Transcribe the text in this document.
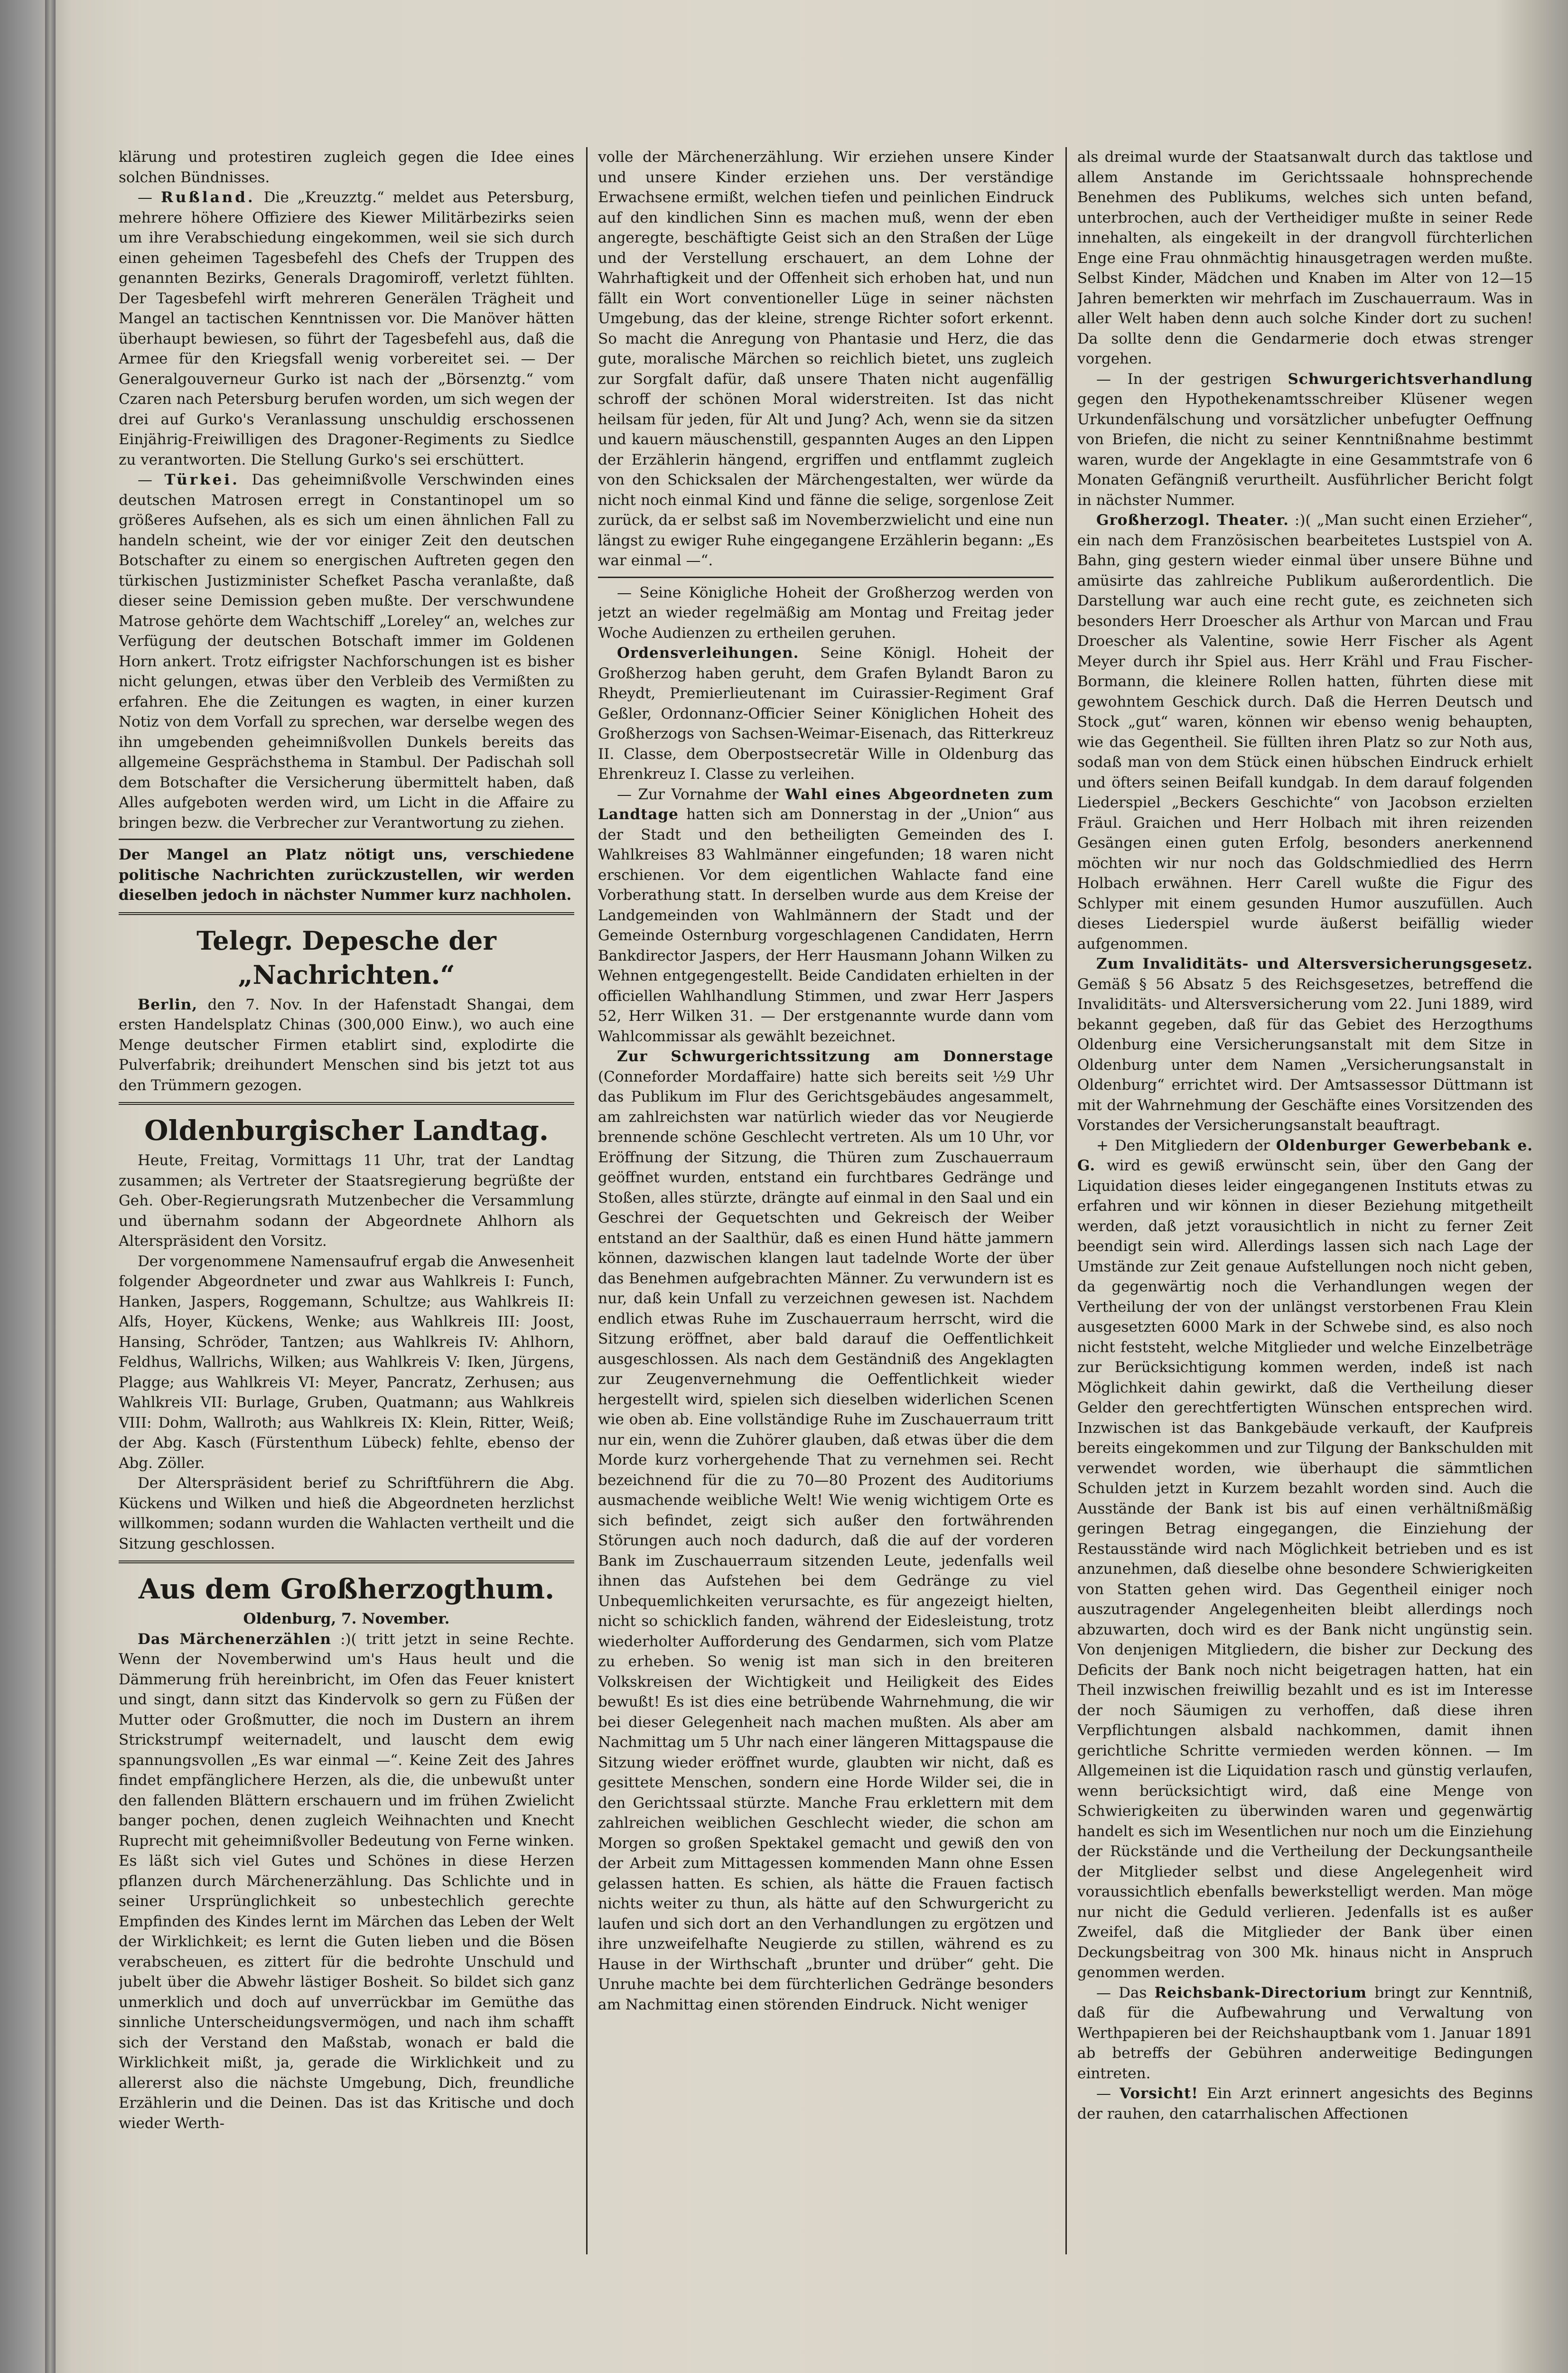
klärung und protestiren zugleich gegen die Idee eines solchen Bündnisses.

— Rußland. Die „Kreuzztg.“ meldet aus Petersburg, mehrere höhere Offiziere des Kiewer Militärbezirks seien um ihre Verabschiedung eingekommen, weil sie sich durch einen geheimen Tagesbefehl des Chefs der Truppen des genannten Bezirks, Generals Dragomiroff, verletzt fühlten. Der Tagesbefehl wirft mehreren Generälen Trägheit und Mangel an tactischen Kenntnissen vor. Die Manöver hätten überhaupt bewiesen, so führt der Tagesbefehl aus, daß die Armee für den Kriegsfall wenig vorbereitet sei. — Der Generalgouverneur Gurko ist nach der „Börsenztg.“ vom Czaren nach Petersburg berufen worden, um sich wegen der drei auf Gurko's Veranlassung unschuldig erschossenen Einjährig-Freiwilligen des Dragoner-Regiments zu Siedlce zu verantworten. Die Stellung Gurko's sei erschüttert.

— Türkei. Das geheimnißvolle Verschwinden eines deutschen Matrosen erregt in Constantinopel um so größeres Aufsehen, als es sich um einen ähnlichen Fall zu handeln scheint, wie der vor einiger Zeit den deutschen Botschafter zu einem so energischen Auftreten gegen den türkischen Justizminister Schefket Pascha veranlaßte, daß dieser seine Demission geben mußte. Der verschwundene Matrose gehörte dem Wachtschiff „Loreley“ an, welches zur Verfügung der deutschen Botschaft immer im Goldenen Horn ankert. Trotz eifrigster Nachforschungen ist es bisher nicht gelungen, etwas über den Verbleib des Vermißten zu erfahren. Ehe die Zeitungen es wagten, in einer kurzen Notiz von dem Vorfall zu sprechen, war derselbe wegen des ihn umgebenden geheimnißvollen Dunkels bereits das allgemeine Gesprächsthema in Stambul. Der Padischah soll dem Botschafter die Versicherung übermittelt haben, daß Alles aufgeboten werden wird, um Licht in die Affaire zu bringen bezw. die Verbrecher zur Verantwortung zu ziehen.

Der Mangel an Platz nötigt uns, verschiedene politische Nachrichten zurückzustellen, wir werden dieselben jedoch in nächster Nummer kurz nachholen.

Telegr. Depesche der „Nachrichten.“

Berlin, den 7. Nov. In der Hafenstadt Shangai, dem ersten Handelsplatz Chinas (300,000 Einw.), wo auch eine Menge deutscher Firmen etablirt sind, explodirte die Pulverfabrik; dreihundert Menschen sind bis jetzt tot aus den Trümmern gezogen.

Oldenburgischer Landtag.

Heute, Freitag, Vormittags 11 Uhr, trat der Landtag zusammen; als Vertreter der Staatsregierung begrüßte der Geh. Ober-Regierungsrath Mutzenbecher die Versammlung und übernahm sodann der Abgeordnete Ahlhorn als Alterspräsident den Vorsitz.

Der vorgenommene Namensaufruf ergab die Anwesenheit folgender Abgeordneter und zwar aus Wahlkreis I: Funch, Hanken, Jaspers, Roggemann, Schultze; aus Wahlkreis II: Alfs, Hoyer, Kückens, Wenke; aus Wahlkreis III: Joost, Hansing, Schröder, Tantzen; aus Wahlkreis IV: Ahlhorn, Feldhus, Wallrichs, Wilken; aus Wahlkreis V: Iken, Jürgens, Plagge; aus Wahlkreis VI: Meyer, Pancratz, Zerhusen; aus Wahlkreis VII: Burlage, Gruben, Quatmann; aus Wahlkreis VIII: Dohm, Wallroth; aus Wahlkreis IX: Klein, Ritter, Weiß; der Abg. Kasch (Fürstenthum Lübeck) fehlte, ebenso der Abg. Zöller.

Der Alterspräsident berief zu Schriftführern die Abg. Kückens und Wilken und hieß die Abgeordneten herzlichst willkommen; sodann wurden die Wahlacten vertheilt und die Sitzung geschlossen.

Aus dem Großherzogthum.

Oldenburg, 7. November.

Das Märchenerzählen :)( tritt jetzt in seine Rechte. Wenn der Novemberwind um's Haus heult und die Dämmerung früh hereinbricht, im Ofen das Feuer knistert und singt, dann sitzt das Kindervolk so gern zu Füßen der Mutter oder Großmutter, die noch im Dustern an ihrem Strickstrumpf weiternadelt, und lauscht dem ewig spannungsvollen „Es war einmal —“. Keine Zeit des Jahres findet empfänglichere Herzen, als die, die unbewußt unter den fallenden Blättern erschauern und im frühen Zwielicht banger pochen, denen zugleich Weihnachten und Knecht Ruprecht mit geheimnißvoller Bedeutung von Ferne winken. Es läßt sich viel Gutes und Schönes in diese Herzen pflanzen durch Märchenerzählung. Das Schlichte und in seiner Ursprünglichkeit so unbestechlich gerechte Empfinden des Kindes lernt im Märchen das Leben der Welt der Wirklichkeit; es lernt die Guten lieben und die Bösen verabscheuen, es zittert für die bedrohte Unschuld und jubelt über die Abwehr lästiger Bosheit. So bildet sich ganz unmerklich und doch auf unverrückbar im Gemüthe das sinnliche Unterscheidungsvermögen, und nach ihm schafft sich der Verstand den Maßstab, wonach er bald die Wirklichkeit mißt, ja, gerade die Wirklichkeit und zu allererst also die nächste Umgebung, Dich, freundliche Erzählerin und die Deinen. Das ist das Kritische und doch wieder Werth-

volle der Märchenerzählung. Wir erziehen unsere Kinder und unsere Kinder erziehen uns. Der verständige Erwachsene ermißt, welchen tiefen und peinlichen Eindruck auf den kindlichen Sinn es machen muß, wenn der eben angeregte, beschäftigte Geist sich an den Straßen der Lüge und der Verstellung erschauert, an dem Lohne der Wahrhaftigkeit und der Offenheit sich erhoben hat, und nun fällt ein Wort conventioneller Lüge in seiner nächsten Umgebung, das der kleine, strenge Richter sofort erkennt. So macht die Anregung von Phantasie und Herz, die das gute, moralische Märchen so reichlich bietet, uns zugleich zur Sorgfalt dafür, daß unsere Thaten nicht augenfällig schroff der schönen Moral widerstreiten. Ist das nicht heilsam für jeden, für Alt und Jung? Ach, wenn sie da sitzen und kauern mäuschenstill, gespannten Auges an den Lippen der Erzählerin hängend, ergriffen und entflammt zugleich von den Schicksalen der Märchengestalten, wer würde da nicht noch einmal Kind und fänne die selige, sorgenlose Zeit zurück, da er selbst saß im Novemberzwielicht und eine nun längst zu ewiger Ruhe eingegangene Erzählerin begann: „Es war einmal —“.

— Seine Königliche Hoheit der Großherzog werden von jetzt an wieder regelmäßig am Montag und Freitag jeder Woche Audienzen zu ertheilen geruhen.

Ordensverleihungen. Seine Königl. Hoheit der Großherzog haben geruht, dem Grafen Bylandt Baron zu Rheydt, Premierlieutenant im Cuirassier-Regiment Graf Geßler, Ordonnanz-Officier Seiner Königlichen Hoheit des Großherzogs von Sachsen-Weimar-Eisenach, das Ritterkreuz II. Classe, dem Oberpostsecretär Wille in Oldenburg das Ehrenkreuz I. Classe zu verleihen.

— Zur Vornahme der Wahl eines Abgeordneten zum Landtage hatten sich am Donnerstag in der „Union“ aus der Stadt und den betheiligten Gemeinden des I. Wahlkreises 83 Wahlmänner eingefunden; 18 waren nicht erschienen. Vor dem eigentlichen Wahlacte fand eine Vorberathung statt. In derselben wurde aus dem Kreise der Landgemeinden von Wahlmännern der Stadt und der Gemeinde Osternburg vorgeschlagenen Candidaten, Herrn Bankdirector Jaspers, der Herr Hausmann Johann Wilken zu Wehnen entgegengestellt. Beide Candidaten erhielten in der officiellen Wahlhandlung Stimmen, und zwar Herr Jaspers 52, Herr Wilken 31. — Der erstgenannte wurde dann vom Wahlcommissar als gewählt bezeichnet.

Zur Schwurgerichtssitzung am Donnerstage (Conneforder Mordaffaire) hatte sich bereits seit ½9 Uhr das Publikum im Flur des Gerichtsgebäudes angesammelt, am zahlreichsten war natürlich wieder das vor Neugierde brennende schöne Geschlecht vertreten. Als um 10 Uhr, vor Eröffnung der Sitzung, die Thüren zum Zuschauerraum geöffnet wurden, entstand ein furchtbares Gedränge und Stoßen, alles stürzte, drängte auf einmal in den Saal und ein Geschrei der Gequetschten und Gekreisch der Weiber entstand an der Saalthür, daß es einen Hund hätte jammern können, dazwischen klangen laut tadelnde Worte der über das Benehmen aufgebrachten Männer. Zu verwundern ist es nur, daß kein Unfall zu verzeichnen gewesen ist. Nachdem endlich etwas Ruhe im Zuschauerraum herrscht, wird die Sitzung eröffnet, aber bald darauf die Oeffentlichkeit ausgeschlossen. Als nach dem Geständniß des Angeklagten zur Zeugenvernehmung die Oeffentlichkeit wieder hergestellt wird, spielen sich dieselben widerlichen Scenen wie oben ab. Eine vollständige Ruhe im Zuschauerraum tritt nur ein, wenn die Zuhörer glauben, daß etwas über die dem Morde kurz vorhergehende That zu vernehmen sei. Recht bezeichnend für die zu 70—80 Prozent des Auditoriums ausmachende weibliche Welt! Wie wenig wichtigem Orte es sich befindet, zeigt sich außer den fortwährenden Störungen auch noch dadurch, daß die auf der vorderen Bank im Zuschauerraum sitzenden Leute, jedenfalls weil ihnen das Aufstehen bei dem Gedränge zu viel Unbequemlichkeiten verursachte, es für angezeigt hielten, nicht so schicklich fanden, während der Eidesleistung, trotz wiederholter Aufforderung des Gendarmen, sich vom Platze zu erheben. So wenig ist man sich in den breiteren Volkskreisen der Wichtigkeit und Heiligkeit des Eides bewußt! Es ist dies eine betrübende Wahrnehmung, die wir bei dieser Gelegenheit nach machen mußten. Als aber am Nachmittag um 5 Uhr nach einer längeren Mittagspause die Sitzung wieder eröffnet wurde, glaubten wir nicht, daß es gesittete Menschen, sondern eine Horde Wilder sei, die in den Gerichtssaal stürzte. Manche Frau erklettern mit dem zahlreichen weiblichen Geschlecht wieder, die schon am Morgen so großen Spektakel gemacht und gewiß den von der Arbeit zum Mittagessen kommenden Mann ohne Essen gelassen hatten. Es schien, als hätte die Frauen factisch nichts weiter zu thun, als hätte auf den Schwurgericht zu laufen und sich dort an den Verhandlungen zu ergötzen und ihre unzweifelhafte Neugierde zu stillen, während es zu Hause in der Wirthschaft „brunter und drüber“ geht. Die Unruhe machte bei dem fürchterlichen Gedränge besonders am Nachmittag einen störenden Eindruck. Nicht weniger

als dreimal wurde der Staatsanwalt durch das taktlose und allem Anstande im Gerichtssaale hohnsprechende Benehmen des Publikums, welches sich unten befand, unterbrochen, auch der Vertheidiger mußte in seiner Rede innehalten, als eingekeilt in der drangvoll fürchterlichen Enge eine Frau ohnmächtig hinausgetragen werden mußte. Selbst Kinder, Mädchen und Knaben im Alter von 12—15 Jahren bemerkten wir mehrfach im Zuschauerraum. Was in aller Welt haben denn auch solche Kinder dort zu suchen! Da sollte denn die Gendarmerie doch etwas strenger vorgehen.

— In der gestrigen Schwurgerichtsverhandlung gegen den Hypothekenamtsschreiber Klüsener wegen Urkundenfälschung und vorsätzlicher unbefugter Oeffnung von Briefen, die nicht zu seiner Kenntnißnahme bestimmt waren, wurde der Angeklagte in eine Gesammtstrafe von 6 Monaten Gefängniß verurtheilt. Ausführlicher Bericht folgt in nächster Nummer.

Großherzogl. Theater. :)( „Man sucht einen Erzieher“, ein nach dem Französischen bearbeitetes Lustspiel von A. Bahn, ging gestern wieder einmal über unsere Bühne und amüsirte das zahlreiche Publikum außerordentlich. Die Darstellung war auch eine recht gute, es zeichneten sich besonders Herr Droescher als Arthur von Marcan und Frau Droescher als Valentine, sowie Herr Fischer als Agent Meyer durch ihr Spiel aus. Herr Krähl und Frau Fischer-Bormann, die kleinere Rollen hatten, führten diese mit gewohntem Geschick durch. Daß die Herren Deutsch und Stock „gut“ waren, können wir ebenso wenig behaupten, wie das Gegentheil. Sie füllten ihren Platz so zur Noth aus, sodaß man von dem Stück einen hübschen Eindruck erhielt und öfters seinen Beifall kundgab. In dem darauf folgenden Liederspiel „Beckers Geschichte“ von Jacobson erzielten Fräul. Graichen und Herr Holbach mit ihren reizenden Gesängen einen guten Erfolg, besonders anerkennend möchten wir nur noch das Goldschmiedlied des Herrn Holbach erwähnen. Herr Carell wußte die Figur des Schlyper mit einem gesunden Humor auszufüllen. Auch dieses Liederspiel wurde äußerst beifällig wieder aufgenommen.

Zum Invaliditäts- und Altersversicherungsgesetz. Gemäß § 56 Absatz 5 des Reichsgesetzes, betreffend die Invaliditäts- und Altersversicherung vom 22. Juni 1889, wird bekannt gegeben, daß für das Gebiet des Herzogthums Oldenburg eine Versicherungsanstalt mit dem Sitze in Oldenburg unter dem Namen „Versicherungsanstalt in Oldenburg“ errichtet wird. Der Amtsassessor Düttmann ist mit der Wahrnehmung der Geschäfte eines Vorsitzenden des Vorstandes der Versicherungsanstalt beauftragt.

+ Den Mitgliedern der Oldenburger Gewerbebank e. G. wird es gewiß erwünscht sein, über den Gang der Liquidation dieses leider eingegangenen Instituts etwas zu erfahren und wir können in dieser Beziehung mitgetheilt werden, daß jetzt vorausichtlich in nicht zu ferner Zeit beendigt sein wird. Allerdings lassen sich nach Lage der Umstände zur Zeit genaue Aufstellungen noch nicht geben, da gegenwärtig noch die Verhandlungen wegen der Vertheilung der von der unlängst verstorbenen Frau Klein ausgesetzten 6000 Mark in der Schwebe sind, es also noch nicht feststeht, welche Mitglieder und welche Einzelbeträge zur Berücksichtigung kommen werden, indeß ist nach Möglichkeit dahin gewirkt, daß die Vertheilung dieser Gelder den gerechtfertigten Wünschen entsprechen wird. Inzwischen ist das Bankgebäude verkauft, der Kaufpreis bereits eingekommen und zur Tilgung der Bankschulden mit verwendet worden, wie überhaupt die sämmtlichen Schulden jetzt in Kurzem bezahlt worden sind. Auch die Ausstände der Bank ist bis auf einen verhältnißmäßig geringen Betrag eingegangen, die Einziehung der Restausstände wird nach Möglichkeit betrieben und es ist anzunehmen, daß dieselbe ohne besondere Schwierigkeiten von Statten gehen wird. Das Gegentheil einiger noch auszutragender Angelegenheiten bleibt allerdings noch abzuwarten, doch wird es der Bank nicht ungünstig sein. Von denjenigen Mitgliedern, die bisher zur Deckung des Deficits der Bank noch nicht beigetragen hatten, hat ein Theil inzwischen freiwillig bezahlt und es ist im Interesse der noch Säumigen zu verhoffen, daß diese ihren Verpflichtungen alsbald nachkommen, damit ihnen gerichtliche Schritte vermieden werden können. — Im Allgemeinen ist die Liquidation rasch und günstig verlaufen, wenn berücksichtigt wird, daß eine Menge von Schwierigkeiten zu überwinden waren und gegenwärtig handelt es sich im Wesentlichen nur noch um die Einziehung der Rückstände und die Vertheilung der Deckungsantheile der Mitglieder selbst und diese Angelegenheit wird voraussichtlich ebenfalls bewerkstelligt werden. Man möge nur nicht die Geduld verlieren. Jedenfalls ist es außer Zweifel, daß die Mitglieder der Bank über einen Deckungsbeitrag von 300 Mk. hinaus nicht in Anspruch genommen werden.

— Das Reichsbank-Directorium bringt zur Kenntniß, daß für die Aufbewahrung und Verwaltung von Werthpapieren bei der Reichshauptbank vom 1. Januar 1891 ab betreffs der Gebühren anderweitige Bedingungen eintreten.

— Vorsicht! Ein Arzt erinnert angesichts des Beginns der rauhen, den catarrhalischen Affectionen
